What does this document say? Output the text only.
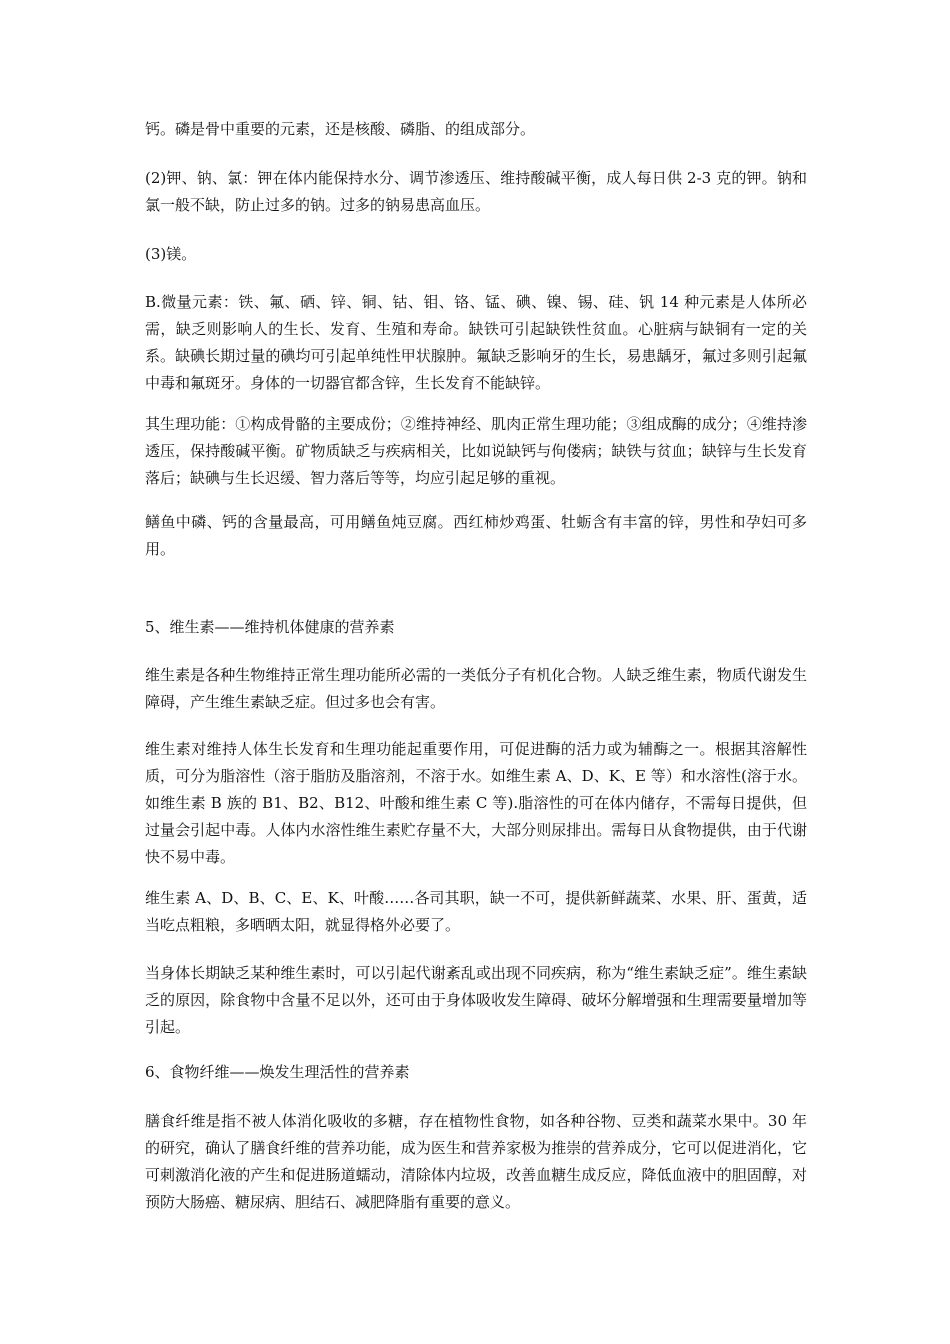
钙。磷是骨中重要的元素，还是核酸、磷脂、的组成部分。

(2)钾、钠、氯：钾在体内能保持水分、调节渗透压、维持酸碱平衡，成人每日供 2-3 克的钾。钠和氯一般不缺，防止过多的钠。过多的钠易患高血压。

(3)镁。

B.微量元素：铁、氟、硒、锌、铜、钴、钼、铬、锰、碘、镍、锡、硅、钒 14 种元素是人体所必需，缺乏则影响人的生长、发育、生殖和寿命。缺铁可引起缺铁性贫血。心脏病与缺铜有一定的关系。缺碘长期过量的碘均可引起单纯性甲状腺肿。氟缺乏影响牙的生长，易患龋牙，氟过多则引起氟中毒和氟斑牙。身体的一切器官都含锌，生长发育不能缺锌。

其生理功能：①构成骨骼的主要成份；②维持神经、肌肉正常生理功能；③组成酶的成分；④维持渗透压，保持酸碱平衡。矿物质缺乏与疾病相关，比如说缺钙与佝偻病；缺铁与贫血；缺锌与生长发育落后；缺碘与生长迟缓、智力落后等等，均应引起足够的重视。

鳝鱼中磷、钙的含量最高，可用鳝鱼炖豆腐。西红柿炒鸡蛋、牡蛎含有丰富的锌，男性和孕妇可多用。

5、维生素——维持机体健康的营养素

维生素是各种生物维持正常生理功能所必需的一类低分子有机化合物。人缺乏维生素，物质代谢发生障碍，产生维生素缺乏症。但过多也会有害。

维生素对维持人体生长发育和生理功能起重要作用，可促进酶的活力或为辅酶之一。根据其溶解性质，可分为脂溶性（溶于脂肪及脂溶剂，不溶于水。如维生素 A、D、K、E 等）和水溶性(溶于水。如维生素 B 族的 B1、B2、B12、叶酸和维生素 C 等).脂溶性的可在体内储存，不需每日提供，但过量会引起中毒。人体内水溶性维生素贮存量不大，大部分则尿排出。需每日从食物提供，由于代谢快不易中毒。

维生素 A、D、B、C、E、K、叶酸……各司其职，缺一不可，提供新鲜蔬菜、水果、肝、蛋黄，适当吃点粗粮，多晒晒太阳，就显得格外必要了。

当身体长期缺乏某种维生素时，可以引起代谢紊乱或出现不同疾病，称为“维生素缺乏症”。维生素缺乏的原因，除食物中含量不足以外，还可由于身体吸收发生障碍、破坏分解增强和生理需要量增加等引起。

6、食物纤维——焕发生理活性的营养素

膳食纤维是指不被人体消化吸收的多糖，存在植物性食物，如各种谷物、豆类和蔬菜水果中。30 年的研究，确认了膳食纤维的营养功能，成为医生和营养家极为推崇的营养成分，它可以促进消化，它可刺激消化液的产生和促进肠道蠕动，清除体内垃圾，改善血糖生成反应，降低血液中的胆固醇，对预防大肠癌、糖尿病、胆结石、减肥降脂有重要的意义。
